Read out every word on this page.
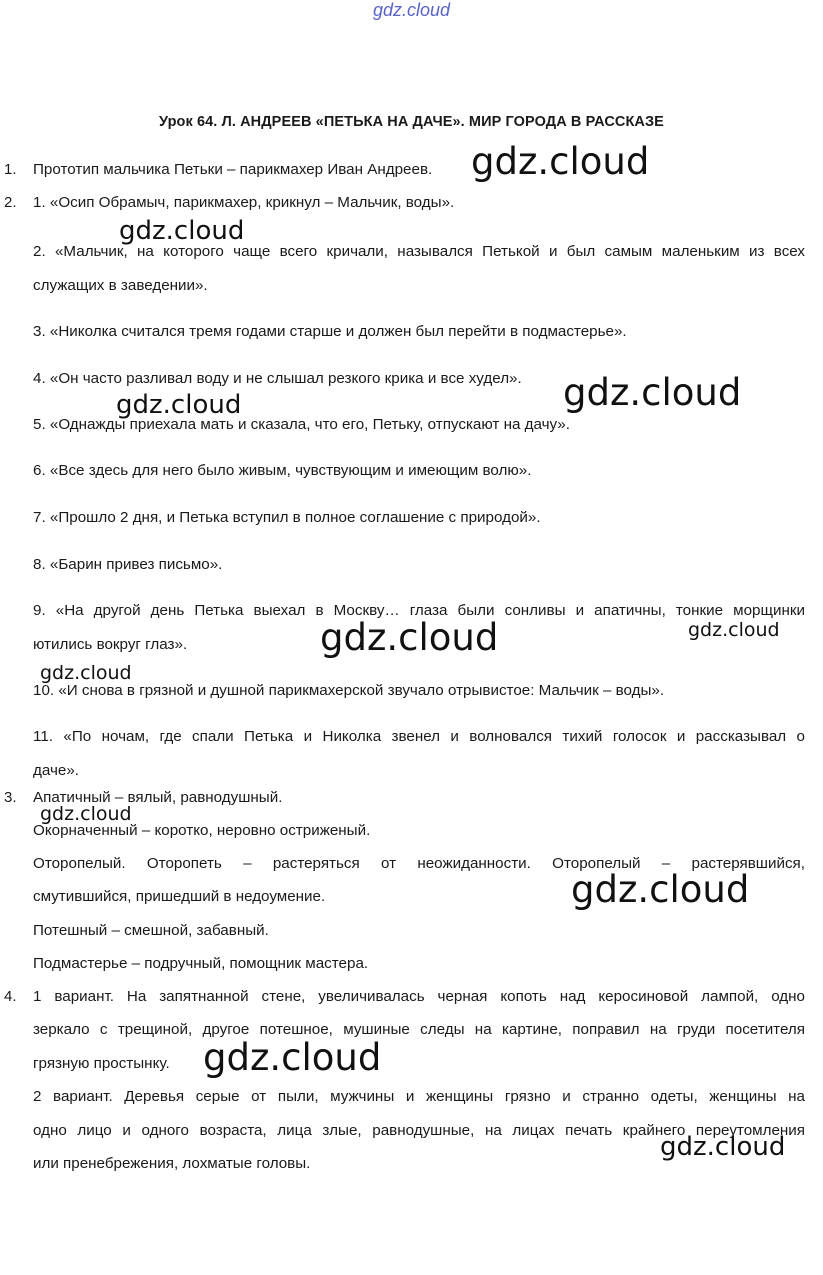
gdz.cloud
Урок 64. Л. АНДРЕЕВ «ПЕТЬКА НА ДАЧЕ». МИР ГОРОДА В РАССКАЗЕ
1.
2.
3.
4.
Прототип мальчика Петьки – парикмахер Иван Андреев.
1. «Осип Обрамыч, парикмахер, крикнул – Мальчик, воды».
2. «Мальчик, на которого чаще всего кричали, назывался Петькой и был самым маленьким из всех
служащих в заведении».
3. «Николка считался тремя годами старше и должен был перейти в подмастерье».
4. «Он часто разливал воду и не слышал резкого крика и все худел».
5. «Однажды приехала мать и сказала, что его, Петьку, отпускают на дачу».
6. «Все здесь для него было живым, чувствующим и имеющим волю».
7. «Прошло 2 дня, и Петька вступил в полное соглашение с природой».
8. «Барин привез письмо».
9. «На другой день Петька выехал в Москву… глаза были сонливы и апатичны, тонкие морщинки
ютились вокруг глаз».
10. «И снова в грязной и душной парикмахерской звучало отрывистое: Мальчик – воды».
11. «По ночам, где спали Петька и Николка звенел и волновался тихий голосок и рассказывал о
даче».
Апатичный – вялый, равнодушный.
Окорначенный – коротко, неровно остриженый.
Оторопелый. Оторопеть – растеряться от неожиданности. Оторопелый – растерявшийся,
смутившийся, пришедший в недоумение.
Потешный – смешной, забавный.
Подмастерье – подручный, помощник мастера.
1 вариант. На запятнанной стене, увеличивалась черная копоть над керосиновой лампой, одно
зеркало с трещиной, другое потешное, мушиные следы на картине, поправил на груди посетителя
грязную простынку.
2 вариант. Деревья серые от пыли, мужчины и женщины грязно и странно одеты, женщины на
одно лицо и одного возраста, лица злые, равнодушные, на лицах печать крайнего переутомления
или пренебрежения, лохматые головы.
gdz.cloud
gdz.cloud
gdz.cloud
gdz.cloud
gdz.cloud	gdz.cloud
gdz.cloud
gdz.cloud
gdz.cloud
gdz.cloud
gdz.cloud
